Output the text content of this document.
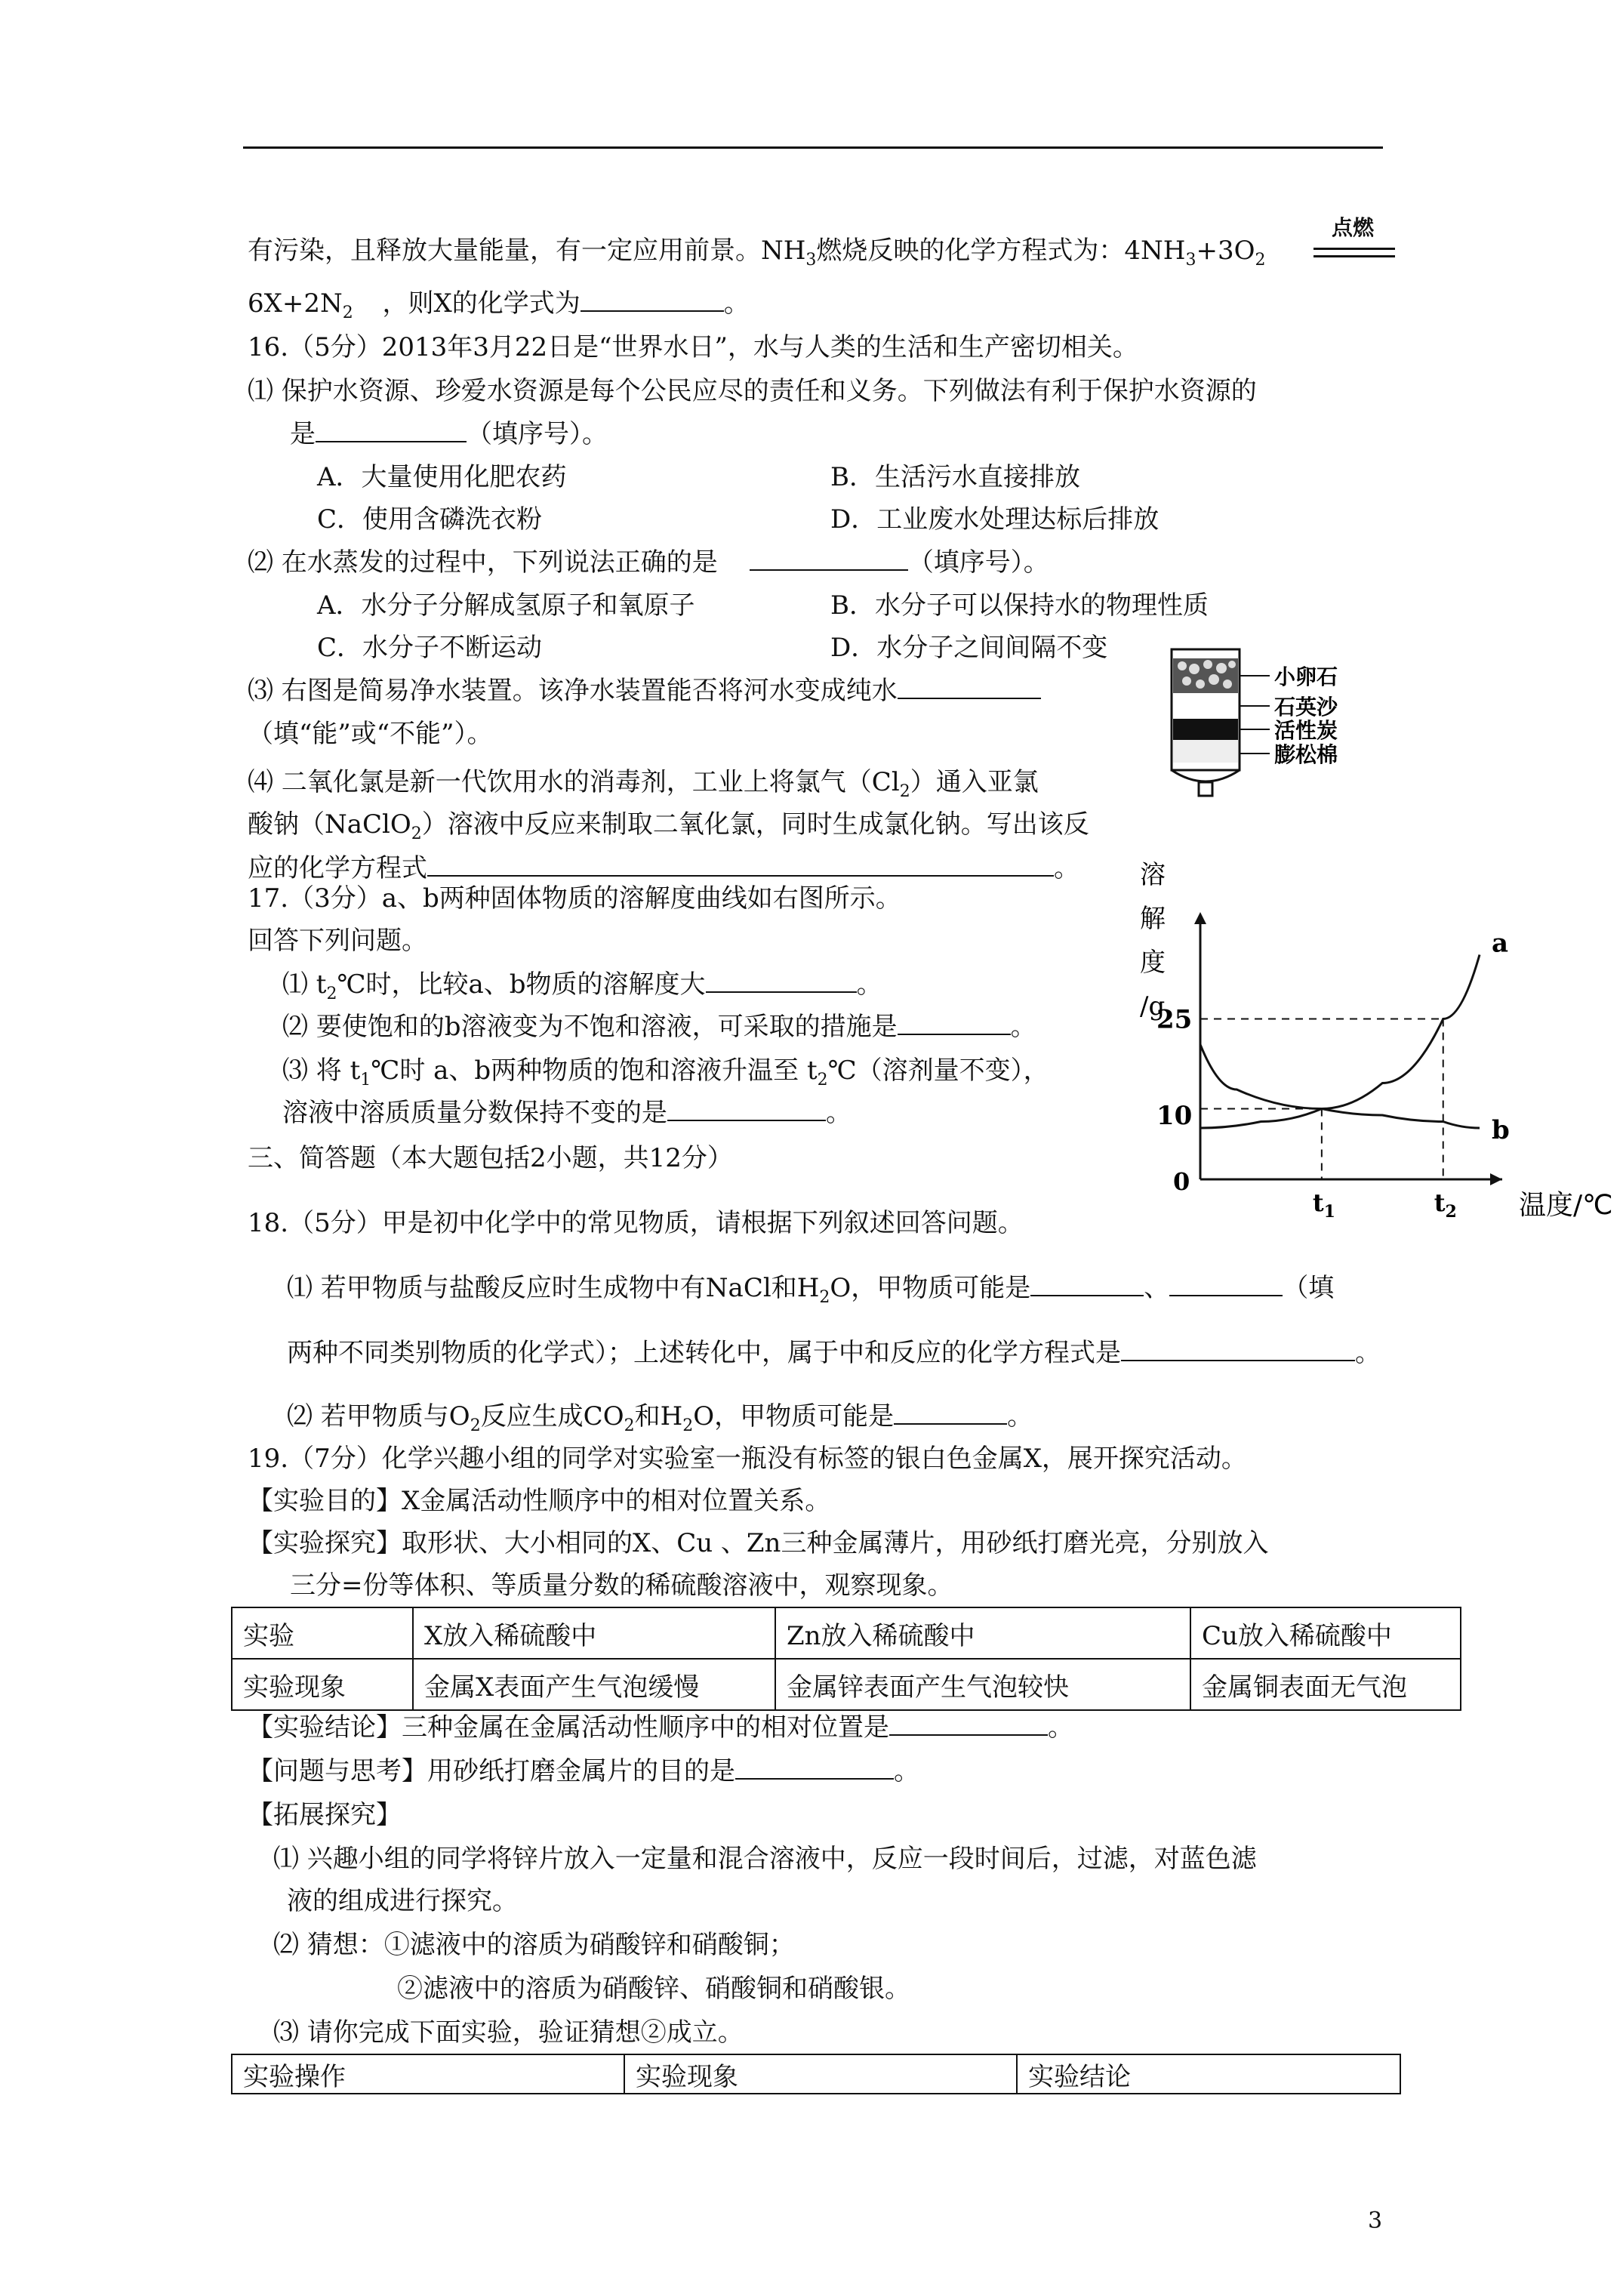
有污染，且释放大量能量，有一定应用前景。$NH_3$燃烧反映的化学方程式为：$4NH_3+3O_2$
点燃
$6X+2N_2$ ，则X的化学式为	。
16.（5分）2013年3月22日是“世界水日”，水与人类的生活和生产密切相关。
⑴ 保护水资源、珍爱水资源是每个公民应尽的责任和义务。下列做法有利于保护水资源的
是	（填序号）。
A．大量使用化肥农药	B．生活污水直接排放
C．使用含磷洗衣粉	D．工业废水处理达标后排放
⑵ 在水蒸发的过程中，下列说法正确的是	（填序号）。
A．水分子分解成氢原子和氧原子	B．水分子可以保持水的物理性质
C．水分子不断运动	D．水分子之间间隔不变
⑶ 右图是简易净水装置。该净水装置能否将河水变成纯水
（填“能”或“不能”）。
⑷ 二氧化氯是新一代饮用水的消毒剂，工业上将氯气$(Cl_2)$通入亚氯
酸钠（NaClO$_2$）溶液中反应来制取二氧化氯，同时生成氯化钠。写出该反
应的化学方程式	。
小卵石
石英沙
活性炭
膨松棉
17.（3分）a、b两种固体物质的溶解度曲线如右图所示。
回答下列问题。
⑴ $t_2℃$时，比较a、b物质的溶解度大	。
⑵ 要使饱和的b溶液变为不饱和溶液，可采取的措施是	。
⑶ 将 $t_1℃$时 a、b两种物质的饱和溶液升温至 $t_2℃$（溶剂量不变），
溶液中溶质质量分数保持不变的是	。
溶
解
度
/g
温度/℃
0
25
10
$t_1$	$t_2$
a
b
三、简答题（本大题包括2小题，共12分）
18.（5分）甲是初中化学中的常见物质，请根据下列叙述回答问题。
⑴ 若甲物质与盐酸反应时生成物中有NaCl和$H_2O$，甲物质可能是	、	（填
两种不同类别物质的化学式）；上述转化中，属于中和反应的化学方程式是	。
⑵ 若甲物质与$O_2$反应生成$CO_2$和$H_2O$，甲物质可能是	。
19.（7分）化学兴趣小组的同学对实验室一瓶没有标签的银白色金属X，展开探究活动。
【实验目的】X金属活动性顺序中的相对位置关系。
【实验探究】取形状、大小相同的X、Cu 、Zn三种金属薄片，用砂纸打磨光亮，分别放入
三分=份等体积、等质量分数的稀硫酸溶液中，观察现象。
实验	X放入稀硫酸中	Zn放入稀硫酸中	Cu放入稀硫酸中
实验现象	金属X表面产生气泡缓慢	金属锌表面产生气泡较快	金属铜表面无气泡
【实验结论】三种金属在金属活动性顺序中的相对位置是	。
【问题与思考】用砂纸打磨金属片的目的是	。
【拓展探究】
⑴ 兴趣小组的同学将锌片放入一定量和混合溶液中，反应一段时间后，过滤，对蓝色滤
液的组成进行探究。
⑵ 猜想：①滤液中的溶质为硝酸锌和硝酸铜；
②滤液中的溶质为硝酸锌、硝酸铜和硝酸银。
⑶ 请你完成下面实验，验证猜想②成立。
实验操作	实验现象	实验结论
3
